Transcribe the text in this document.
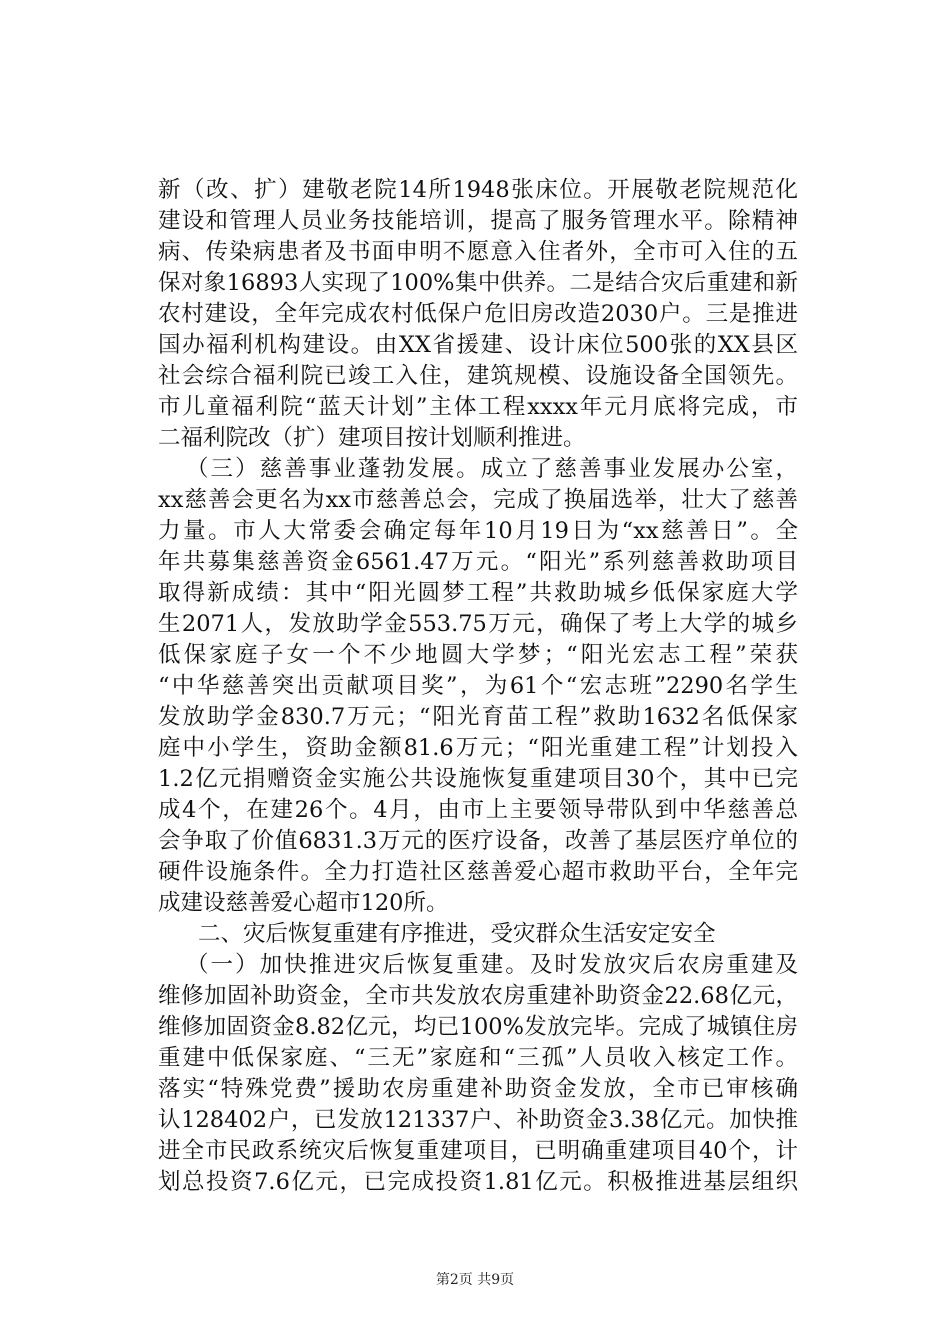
新（改、扩）建敬老院14所1948张床位。开展敬老院规范化
建设和管理人员业务技能培训，提高了服务管理水平。除精神
病、传染病患者及书面申明不愿意入住者外，全市可入住的五
保对象16893人实现了100%集中供养。二是结合灾后重建和新
农村建设，全年完成农村低保户危旧房改造2030户。三是推进
国办福利机构建设。由XX省援建、设计床位500张的XX县区
社会综合福利院已竣工入住，建筑规模、设施设备全国领先。
市儿童福利院“蓝天计划”主体工程xxxx年元月底将完成，市
二福利院改（扩）建项目按计划顺利推进。
（三）慈善事业蓬勃发展。成立了慈善事业发展办公室，
xx慈善会更名为xx市慈善总会，完成了换届选举，壮大了慈善
力量。市人大常委会确定每年10月19日为“xx慈善日”。全
年共募集慈善资金6561.47万元。“阳光”系列慈善救助项目
取得新成绩：其中“阳光圆梦工程”共救助城乡低保家庭大学
生2071人，发放助学金553.75万元，确保了考上大学的城乡
低保家庭子女一个不少地圆大学梦；“阳光宏志工程”荣获
“中华慈善突出贡献项目奖”，为61个“宏志班”2290名学生
发放助学金830.7万元；“阳光育苗工程”救助1632名低保家
庭中小学生，资助金额81.6万元；“阳光重建工程”计划投入
1.2亿元捐赠资金实施公共设施恢复重建项目30个，其中已完
成4个，在建26个。4月，由市上主要领导带队到中华慈善总
会争取了价值6831.3万元的医疗设备，改善了基层医疗单位的
硬件设施条件。全力打造社区慈善爱心超市救助平台，全年完
成建设慈善爱心超市120所。
二、灾后恢复重建有序推进，受灾群众生活安定安全
（一）加快推进灾后恢复重建。及时发放灾后农房重建及
维修加固补助资金，全市共发放农房重建补助资金22.68亿元，
维修加固资金8.82亿元，均已100%发放完毕。完成了城镇住房
重建中低保家庭、“三无”家庭和“三孤”人员收入核定工作。
落实“特殊党费”援助农房重建补助资金发放，全市已审核确
认128402户，已发放121337户、补助资金3.38亿元。加快推
进全市民政系统灾后恢复重建项目，已明确重建项目40个，计
划总投资7.6亿元，已完成投资1.81亿元。积极推进基层组织
第2页 共9页
